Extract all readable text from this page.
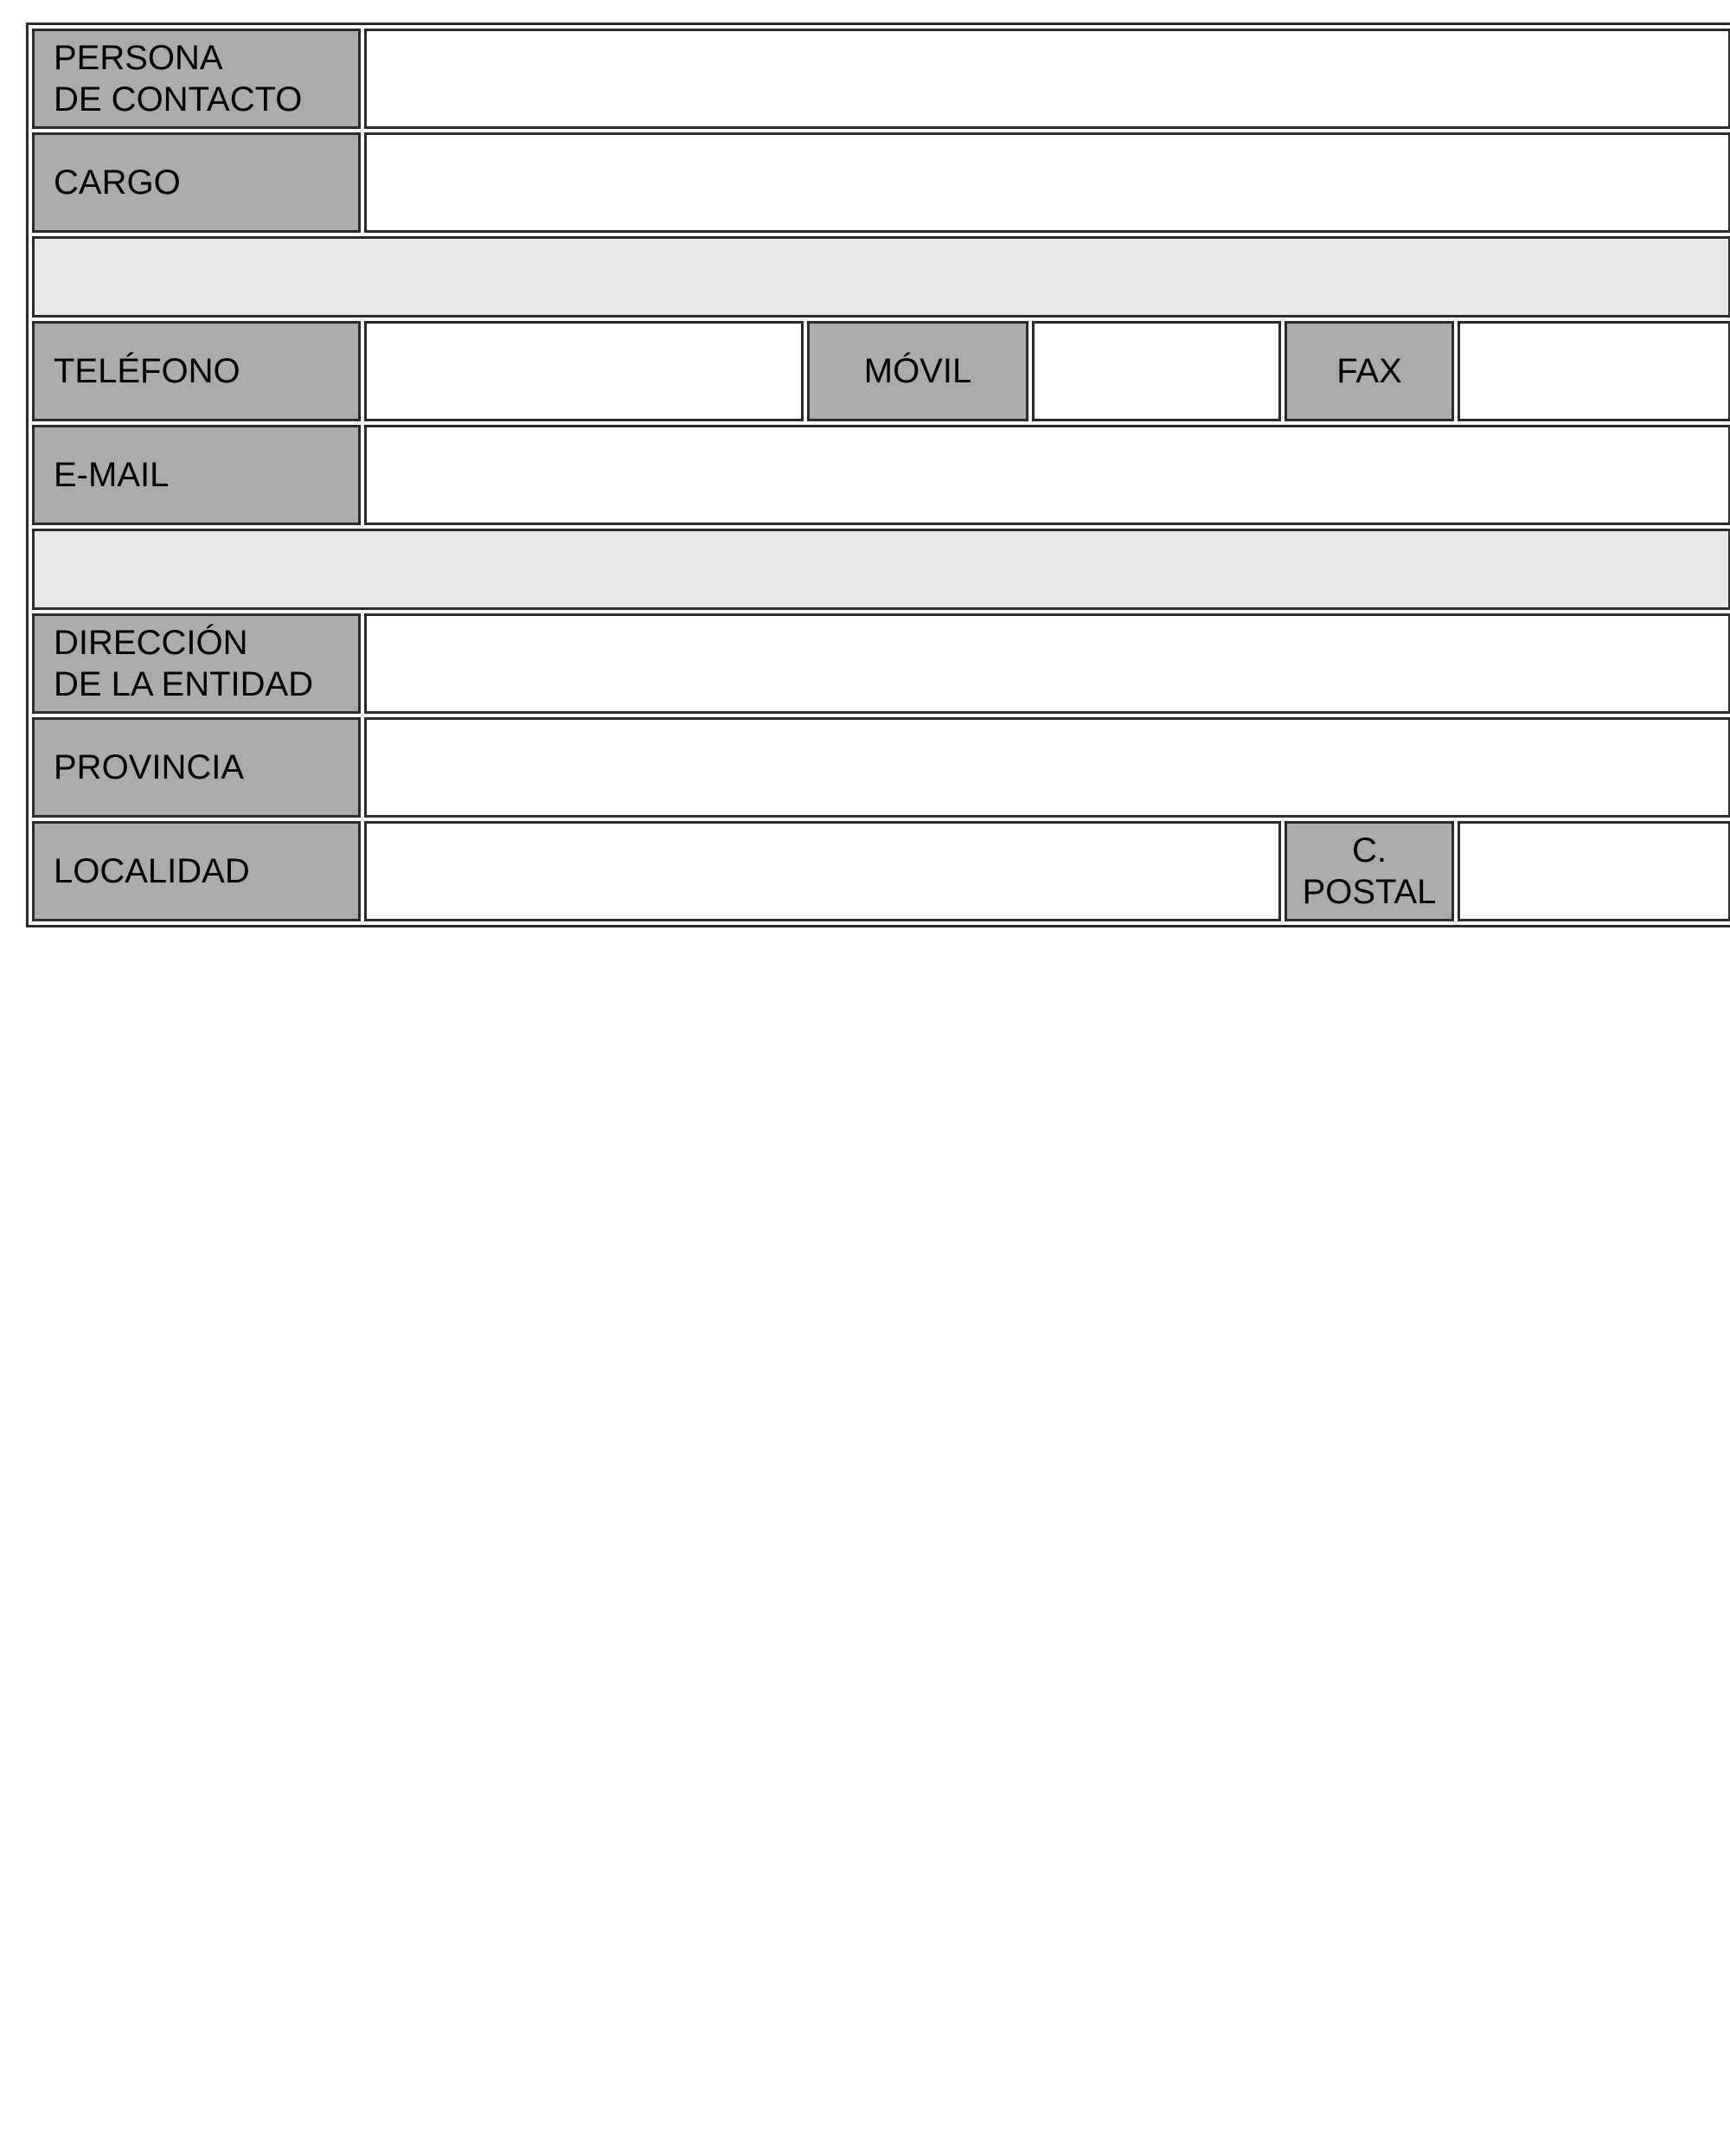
PERSONA
DE CONTACTO					
CARGO					

TELÉFONO		MÓVIL		FAX	
E-MAIL					

DIRECCIÓN
DE LA ENTIDAD					
PROVINCIA					
LOCALIDAD				C. POSTAL	
